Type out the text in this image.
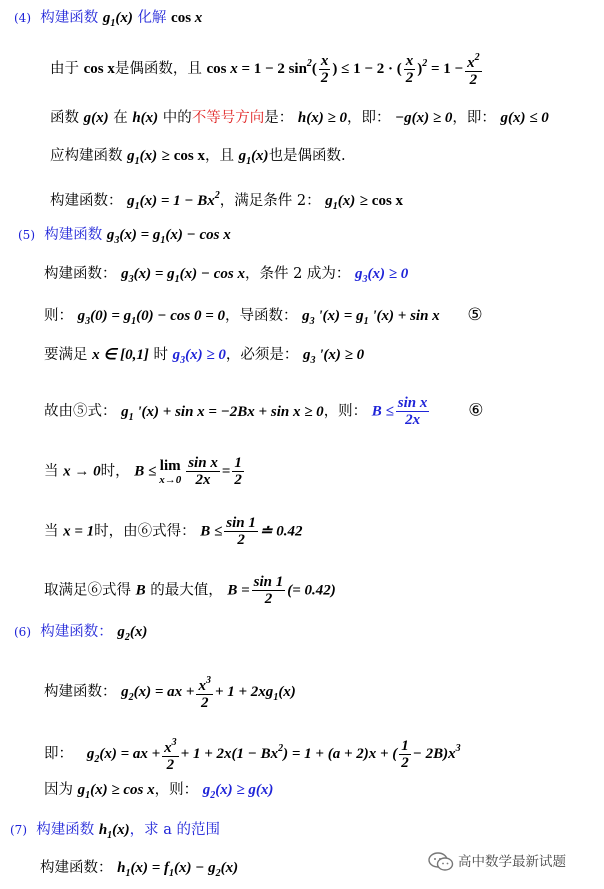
(4) 构建函数 $g_1(x)$ 化解 cos x
由于 cos x是偶函数，且 cos x = 1 − 2 $\sin^2( \frac{x}{2}$ ) ≤ 1 − 2 · ( $\frac{x}{2} )^2 = 1 - \frac{x^2}{2}$
函数 g(x) 在 h(x) 中的不等号方向是： h(x) ≥ 0，即： −g(x) ≥ 0，即： g(x) ≤ 0
应构建函数 $g_1(x) \ge \cos x$，且 $g_1(x)$也是偶函数.
构建函数： $g_1(x) = 1 - Bx^2$，满足条件 2： $g_1(x) \ge \cos x$
(5) 构建函数 $g_3(x) = g_1(x) - \cos x$
构建函数： $g_3(x) = g_1(x) - \cos x$，条件 2 成为： $g_3(x) \ge 0$
则： $g_3(0) = g_1(0) - \cos 0 = 0$，导函数： $g_3$ '$(x) = g_1$ '(x) + sin x ⑤
要满足 x ∈ [0,1] 时 $g_3(x) \ge 0$，必须是： $g_3$ '(x) ≥ 0
故由⑤式： $g_1$ '(x) + sin x = −2Bx + sin x ≥ 0，则： $B \le \frac{\text{sin x}}{2x}$ ⑥
当 x → 0时， B ≤ lim
$x\to 0 \frac{\text{sin x}}{2x} = \frac{1}{2}$
当 x = 1时，由⑥式得： $B \le \frac{\sin 1}{2}$ ≐ 0.42
取满足⑥式得 B 的最大值， $B = \frac{\sin 1}{2}$ (= 0.42)
(6) 构建函数： $g_2(x)$
构建函数： $g_2(x)$ = ax + $\frac{x^3}{2} + 1 + 2xg_1(x)$
即： $g_2(x)$ = ax + $\frac{x^3}{2} + 1 + 2x(1 - Bx^2) = 1 + (a + 2)x$ + ( $\frac{1}{2} - 2B)x^3$
因为 $g_1(x) \ge \cos x$，则： $g_2(x) \ge g(x)$
(7) 构建函数 $h_1(x)$，求 a 的范围
构建函数： $h_1(x) = f_1(x) - g_2(x)$	高中数学最新试题
